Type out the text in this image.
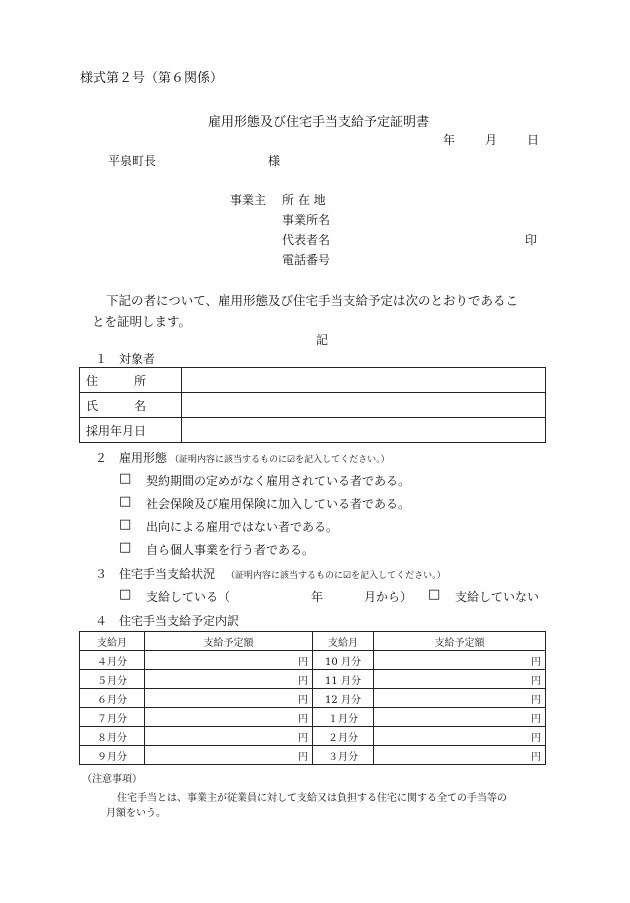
様式第２号（第６関係）
雇用形態及び住宅手当支給予定証明書
年 月 日
平泉町長	様
事業主 所 在 地
事業所名
代表者名	印
電話番号
下記の者について、雇用形態及び住宅手当支給予定は次のとおりであるこ
とを証明します。
記
１ 対象者
住　　　所	
氏　　　名	
採用年月日	
２ 雇用形態 （証明内容に該当するものに☑を記入してください。）
□ 契約期間の定めがなく雇用されている者である。
□ 社会保険及び雇用保険に加入している者である。
□ 出向による雇用ではない者である。
□ 自ら個人事業を行う者である。
３ 住宅手当支給状況 （証明内容に該当するものに☑を記入してください。）
□ 支給している（	年	月から） □ 支給していない
４ 住宅手当支給予定内訳
支給月	支給予定額	支給月	支給予定額
４月分	円	10 月分	円
５月分	円	11 月分	円
６月分	円	12 月分	円
７月分	円	１月分	円
８月分	円	２月分	円
９月分	円	３月分	円
（注意事項）
住宅手当とは、事業主が従業員に対して支給又は負担する住宅に関する全ての手当等の
月額をいう。
